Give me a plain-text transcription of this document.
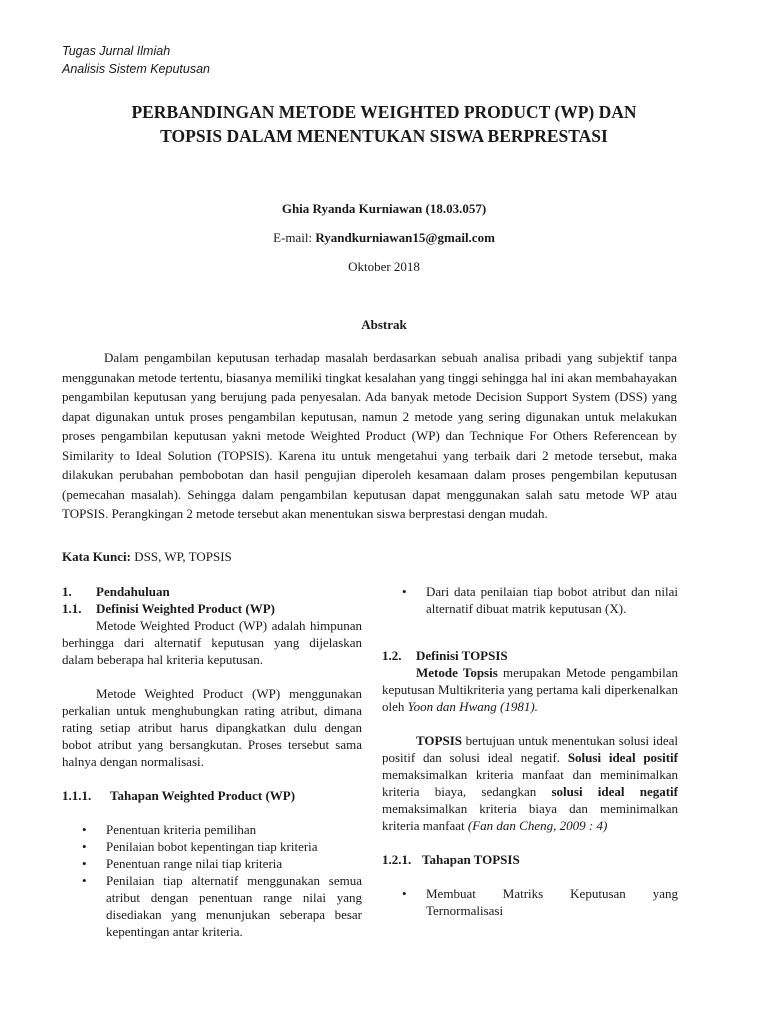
Tugas Jurnal Ilmiah
Analisis Sistem Keputusan
PERBANDINGAN METODE WEIGHTED PRODUCT (WP) DAN
TOPSIS DALAM MENENTUKAN SISWA BERPRESTASI
Ghia Ryanda Kurniawan (18.03.057)
E-mail: Ryandkurniawan15@gmail.com
Oktober 2018
Abstrak

Dalam pengambilan keputusan terhadap masalah berdasarkan sebuah analisa pribadi yang subjektif tanpa menggunakan metode tertentu, biasanya memiliki tingkat kesalahan yang tinggi sehingga hal ini akan membahayakan pengambilan keputusan yang berujung pada penyesalan. Ada banyak metode Decision Support System (DSS) yang dapat digunakan untuk proses pengambilan keputusan, namun 2 metode yang sering digunakan untuk melakukan proses pengambilan keputusan yakni metode Weighted Product (WP) dan Technique For Others Referencean by Similarity to Ideal Solution (TOPSIS). Karena itu untuk mengetahui yang terbaik dari 2 metode tersebut, maka dilakukan perubahan pembobotan dan hasil pengujian diperoleh kesamaan dalam proses pengembilan keputusan (pemecahan masalah). Sehingga dalam pengambilan keputusan dapat menggunakan salah satu metode WP atau TOPSIS. Perangkingan 2 metode tersebut akan menentukan siswa berprestasi dengan mudah.

Kata Kunci: DSS, WP, TOPSIS

1. Pendahuluan

1.1. Definisi Weighted Product (WP)

Metode Weighted Product (WP) adalah himpunan berhingga dari alternatif keputusan yang dijelaskan dalam beberapa hal kriteria keputusan.

Metode Weighted Product (WP) menggunakan perkalian untuk menghubungkan rating atribut, dimana rating setiap atribut harus dipangkatkan dulu dengan bobot atribut yang bersangkutan. Proses tersebut sama halnya dengan normalisasi.

1.1.1. Tahapan Weighted Product (WP)

• Penentuan kriteria pemilihan
• Penilaian bobot kepentingan tiap kriteria
• Penentuan range nilai tiap kriteria
• Penilaian tiap alternatif menggunakan semua atribut dengan penentuan range nilai yang disediakan yang menunjukan seberapa besar kepentingan antar kriteria.
• Dari data penilaian tiap bobot atribut dan nilai alternatif dibuat matrik keputusan (X).

1.2. Definisi TOPSIS

Metode Topsis merupakan Metode pengambilan keputusan Multikriteria yang pertama kali diperkenalkan oleh Yoon dan Hwang (1981).

TOPSIS bertujuan untuk menentukan solusi ideal positif dan solusi ideal negatif. Solusi ideal positif memaksimalkan kriteria manfaat dan meminimalkan kriteria biaya, sedangkan solusi ideal negatif memaksimalkan kriteria biaya dan meminimalkan kriteria manfaat (Fan dan Cheng, 2009 : 4)

1.2.1. Tahapan TOPSIS

• Membuat Matriks Keputusan yang Ternormalisasi
